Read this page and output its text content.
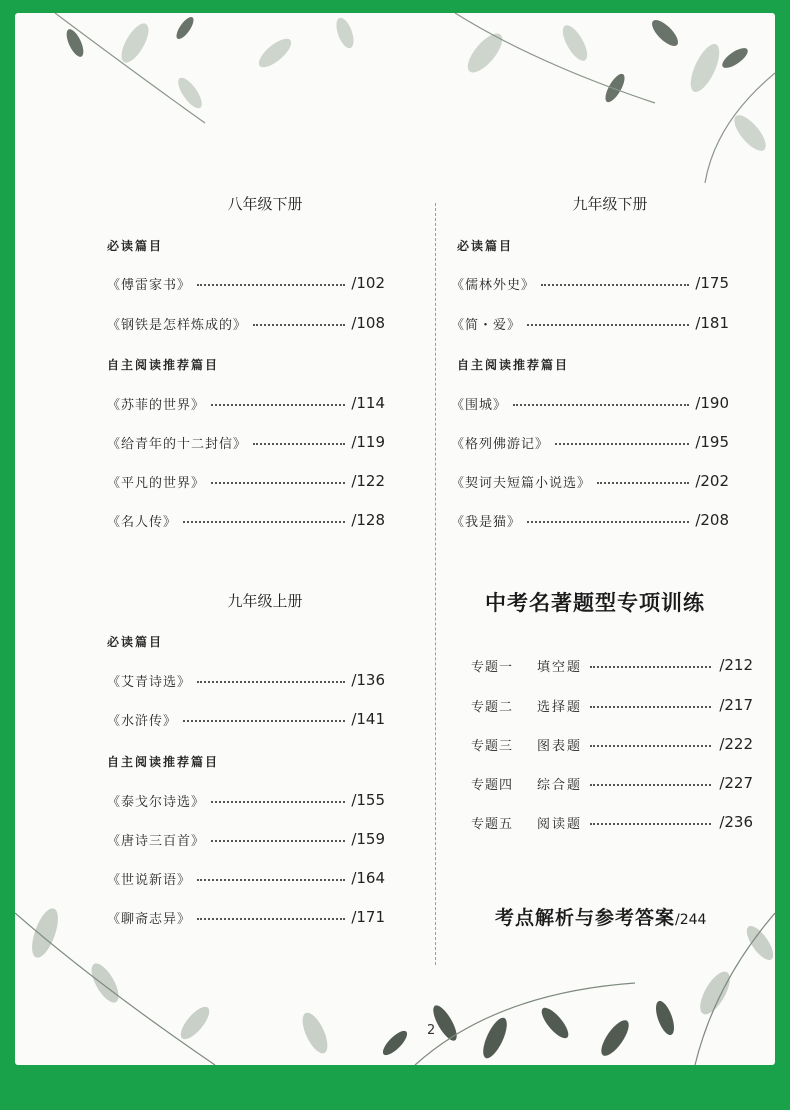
八年级下册
必读篇目
《傅雷家书》	/102
《钢铁是怎样炼成的》	/108
自主阅读推荐篇目
《苏菲的世界》	/114
《给青年的十二封信》	/119
《平凡的世界》	/122
《名人传》	/128
九年级上册
必读篇目
《艾青诗选》	/136
《水浒传》	/141
自主阅读推荐篇目
《泰戈尔诗选》	/155
《唐诗三百首》	/159
《世说新语》	/164
《聊斋志异》	/171
九年级下册
必读篇目
《儒林外史》	/175
《简・爱》	/181
自主阅读推荐篇目
《围城》	/190
《格列佛游记》	/195
《契诃夫短篇小说选》	/202
《我是猫》	/208
中考名著题型专项训练
专题一	填空题	/212
专题二	选择题	/217
专题三	图表题	/222
专题四	综合题	/227
专题五	阅读题	/236
考点解析与参考答案/244
2
